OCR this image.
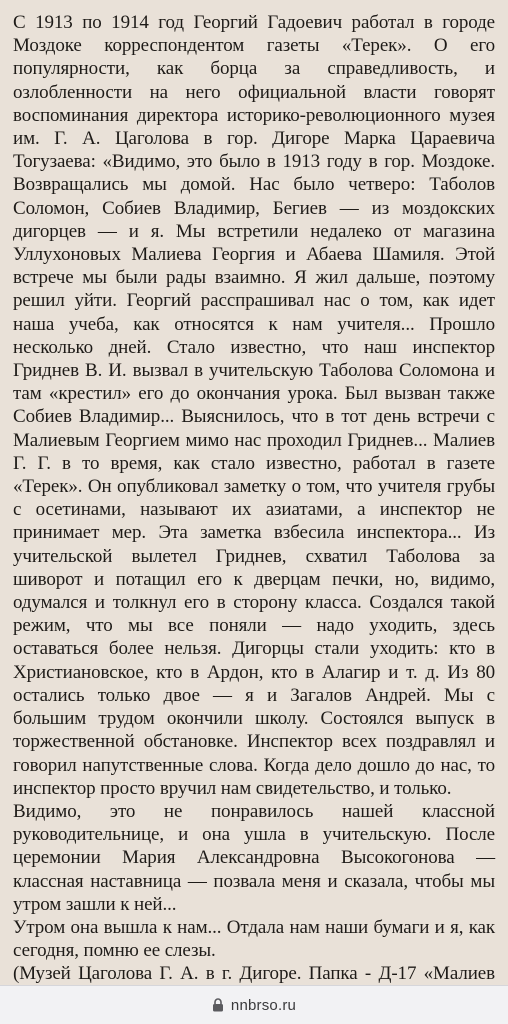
С 1913 по 1914 год Георгий Гадоевич работал в городе Моздоке корреспондентом газеты «Терек». О его популярности, как борца за справедливость, и озлобленности на него официальной власти говорят воспоминания директора историко-революционного музея им. Г. А. Цаголова в гор. Дигоре Марка Цараевича Тогузаева: «Видимо, это было в 1913 году в гор. Моздоке. Возвращались мы домой. Нас было четверо: Таболов Соломон, Собиев Владимир, Бегиев — из моздокских дигорцев — и я. Мы встретили недалеко от магазина Уллухоновых Малиева Георгия и Абаева Шамиля. Этой встрече мы были рады взаимно. Я жил дальше, поэтому решил уйти. Георгий расспрашивал нас о том, как идет наша учеба, как относятся к нам учителя... Прошло несколько дней. Стало известно, что наш инспектор Гриднев В. И. вызвал в учительскую Таболова Соломона и там «крестил» его до окончания урока. Был вызван также Собиев Владимир... Выяснилось, что в тот день встречи с Малиевым Георгием мимо нас проходил Гриднев... Малиев Г. Г. в то время, как стало известно, работал в газете «Терек». Он опубликовал заметку о том, что учителя грубы с осетинами, называют их азиатами, а инспектор не принимает мер. Эта заметка взбесила инспектора... Из учительской вылетел Гриднев, схватил Таболова за шиворот и потащил его к дверцам печки, но, видимо, одумался и толкнул его в сторону класса. Создался такой режим, что мы все поняли — надо уходить, здесь оставаться более нельзя. Дигорцы стали уходить: кто в Христиановское, кто в Ардон, кто в Алагир и т. д. Из 80 остались только двое — я и Загалов Андрей. Мы с большим трудом окончили школу. Состоялся выпуск в торжественной обстановке. Инспектор всех поздравлял и говорил напутственные слова. Когда дело дошло до нас, то инспектор просто вручил нам свидетельство, и только.

Видимо, это не понравилось нашей классной руководительнице, и она ушла в учительскую. После церемонии Мария Александровна Высокогонова — классная наставница — позвала меня и сказала, чтобы мы утром зашли к ней...

Утром она вышла к нам... Отдала нам наши бумаги и я, как сегодня, помню ее слезы.

(Музей Цаголова Г. А. в г. Дигоре. Папка - Д-17 «Малиев

nnbrso.ru
